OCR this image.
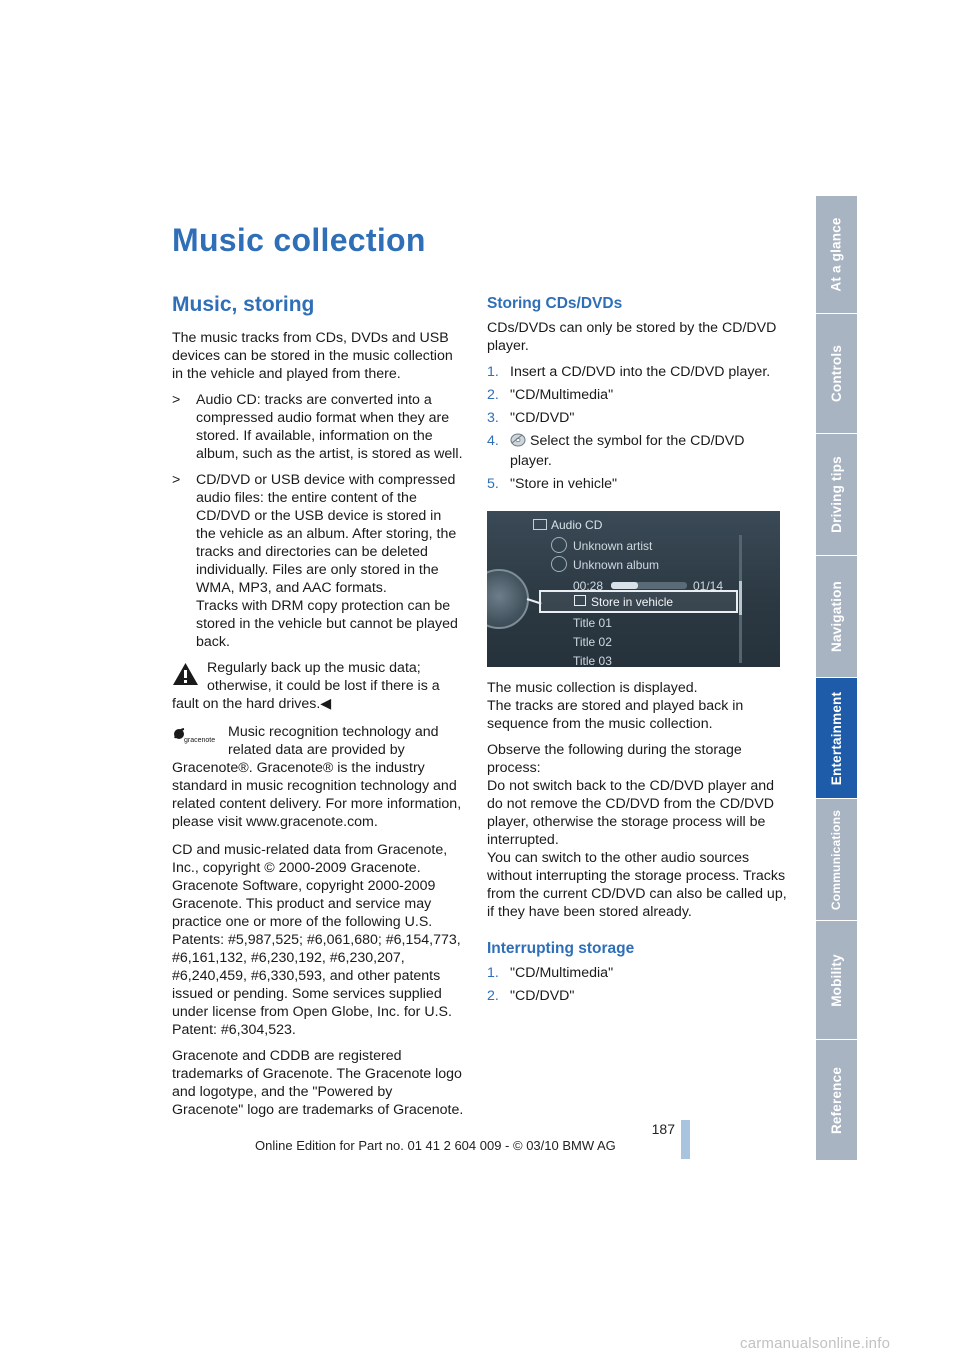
Music collection
Music, storing

The music tracks from CDs, DVDs and USB devices can be stored in the music collection in the vehicle and played from there.

> Audio CD: tracks are converted into a compressed audio format when they are stored. If available, information on the album, such as the artist, is stored as well.
> CD/DVD or USB device with compressed audio files: the entire content of the CD/DVD or the USB device is stored in the vehicle as an album. After storing, the tracks and directories can be deleted individually. Files are only stored in the WMA, MP3, and AAC formats.
Tracks with DRM copy protection can be stored in the vehicle but cannot be played back.
Regularly back up the music data; otherwise, it could be lost if there is a fault on the hard drives.◀
gracenote
Music recognition technology and related data are provided by Gracenote®. Gracenote® is the industry standard in music recognition technology and related content delivery. For more information, please visit www.gracenote.com.

CD and music-related data from Gracenote, Inc., copyright © 2000-2009 Gracenote. Gracenote Software, copyright 2000-2009 Gracenote. This product and service may practice one or more of the following U.S. Patents: #5,987,525; #6,061,680; #6,154,773, #6,161,132, #6,230,192, #6,230,207, #6,240,459, #6,330,593, and other patents issued or pending. Some services supplied under license from Open Globe, Inc. for U.S. Patent: #6,304,523.

Gracenote and CDDB are registered trademarks of Gracenote. The Gracenote logo and logotype, and the "Powered by Gracenote" logo are trademarks of Gracenote.

Storing CDs/DVDs

CDs/DVDs can only be stored by the CD/DVD player.

1. Insert a CD/DVD into the CD/DVD player.
2. "CD/Multimedia"
3. "CD/DVD"
4. Select the symbol for the CD/DVD player.
5. "Store in vehicle"
Audio CD
Unknown artist
Unknown album
00:28	01/14
Store in vehicle
Title 01
Title 02
Title 03

The music collection is displayed.

The tracks are stored and played back in sequence from the music collection.

Observe the following during the storage process:

Do not switch back to the CD/DVD player and do not remove the CD/DVD from the CD/DVD player, otherwise the storage process will be interrupted.

You can switch to the other audio sources without interrupting the storage process. Tracks from the current CD/DVD can also be called up, if they have been stored already.

Interrupting storage
1. "CD/Multimedia"
2. "CD/DVD"
At a glance
Controls
Driving tips
Navigation
Entertainment
Communications
Mobility
Reference
187
Online Edition for Part no. 01 41 2 604 009 - © 03/10 BMW AG
carmanualsonline.info
